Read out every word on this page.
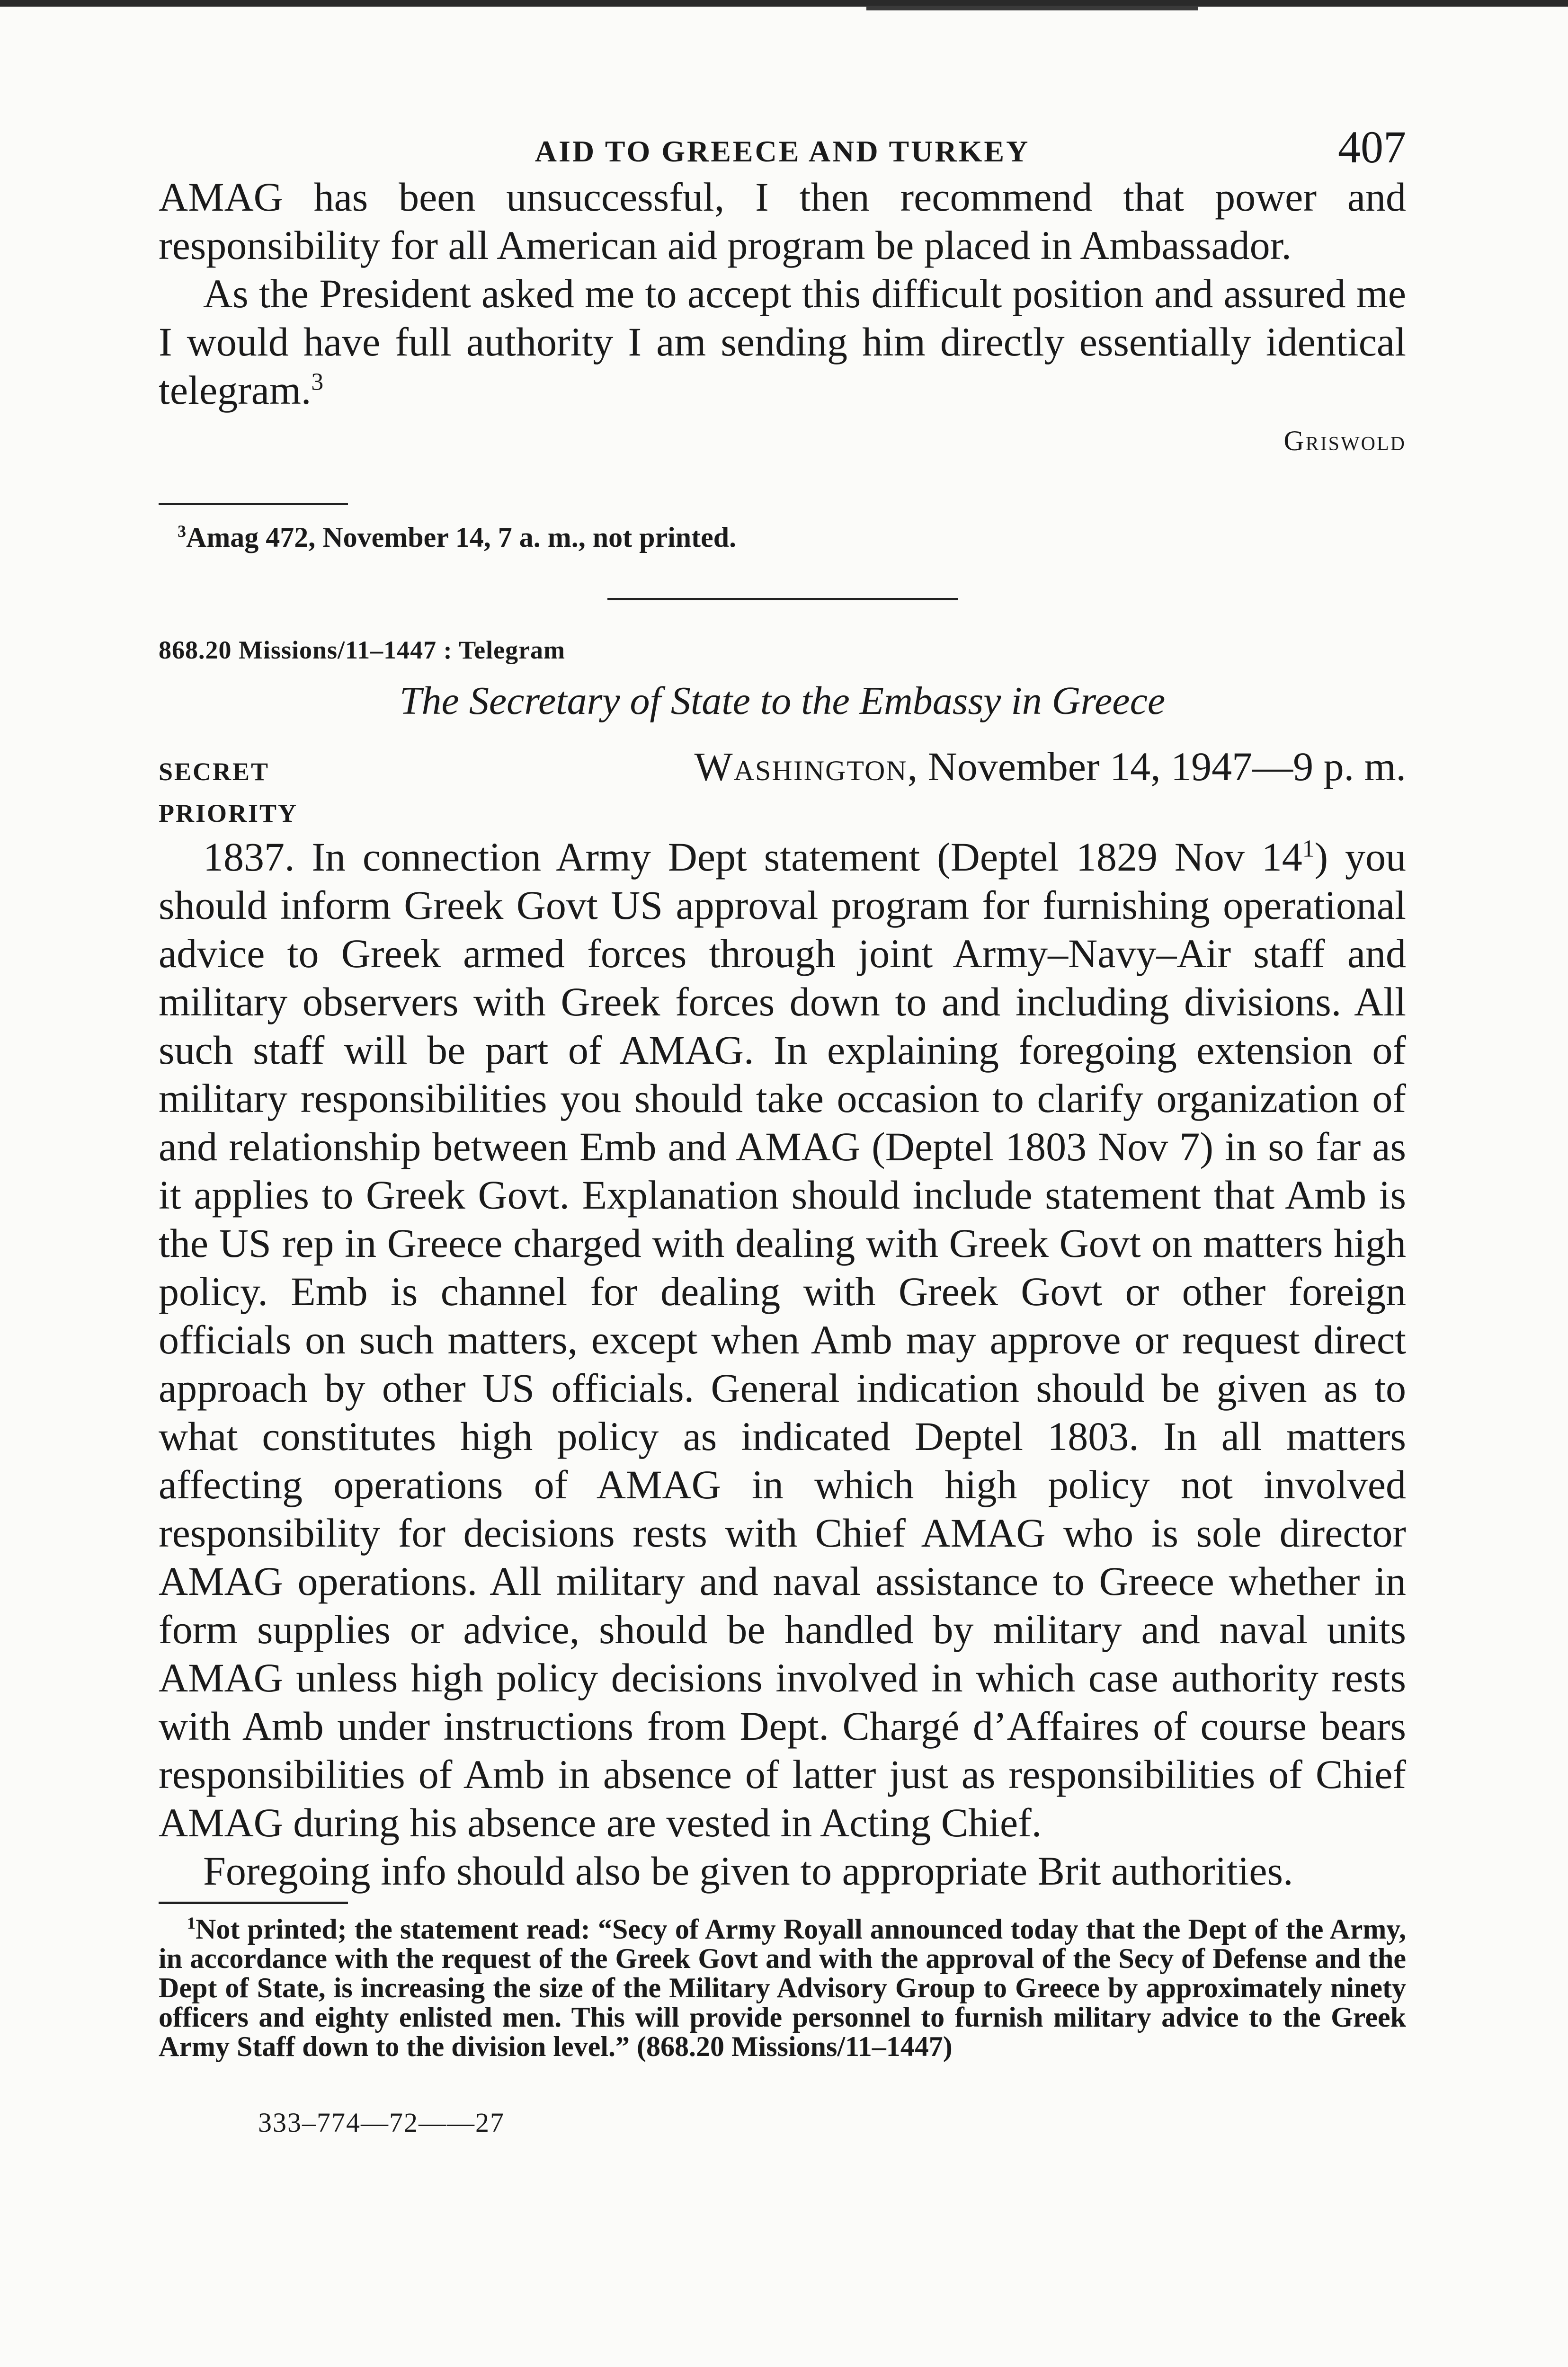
AID TO GREECE AND TURKEY	407

AMAG has been unsuccessful, I then recommend that power and responsibility for all American aid program be placed in Ambassador.

As the President asked me to accept this difficult position and assured me I would have full authority I am sending him directly essentially identical telegram.$^3$

Griswold
$^3$Amag 472, November 14, 7 a. m., not printed.
868.20 Missions/11–1447 : Telegram
The Secretary of State to the Embassy in Greece
SECRET
PRIORITY
Washington, November 14, 1947—9 p. m.

1837. In connection Army Dept statement (Deptel 1829 Nov $14^1$) you should inform Greek Govt US approval program for furnishing operational advice to Greek armed forces through joint Army–Navy–Air staff and military observers with Greek forces down to and including divisions. All such staff will be part of AMAG. In explaining foregoing extension of military responsibilities you should take occasion to clarify organization of and relationship between Emb and AMAG (Deptel 1803 Nov 7) in so far as it applies to Greek Govt. Explanation should include statement that Amb is the US rep in Greece charged with dealing with Greek Govt on matters high policy. Emb is channel for dealing with Greek Govt or other foreign officials on such matters, except when Amb may approve or request direct approach by other US officials. General indication should be given as to what constitutes high policy as indicated Deptel 1803. In all matters affecting operations of AMAG in which high policy not involved responsibility for decisions rests with Chief AMAG who is sole director AMAG operations. All military and naval assistance to Greece whether in form supplies or advice, should be handled by military and naval units AMAG unless high policy decisions involved in which case authority rests with Amb under instructions from Dept. Chargé d’Affaires of course bears responsibilities of Amb in absence of latter just as responsibilities of Chief AMAG during his absence are vested in Acting Chief.

Foregoing info should also be given to appropriate Brit authorities.

$^1$Not printed; the statement read: “Secy of Army Royall announced today that the Dept of the Army, in accordance with the request of the Greek Govt and with the approval of the Secy of Defense and the Dept of State, is increasing the size of the Military Advisory Group to Greece by approximately ninety officers and eighty enlisted men. This will provide personnel to furnish military advice to the Greek Army Staff down to the division level.” (868.20 Missions/11–1447)
333–774—72——27
